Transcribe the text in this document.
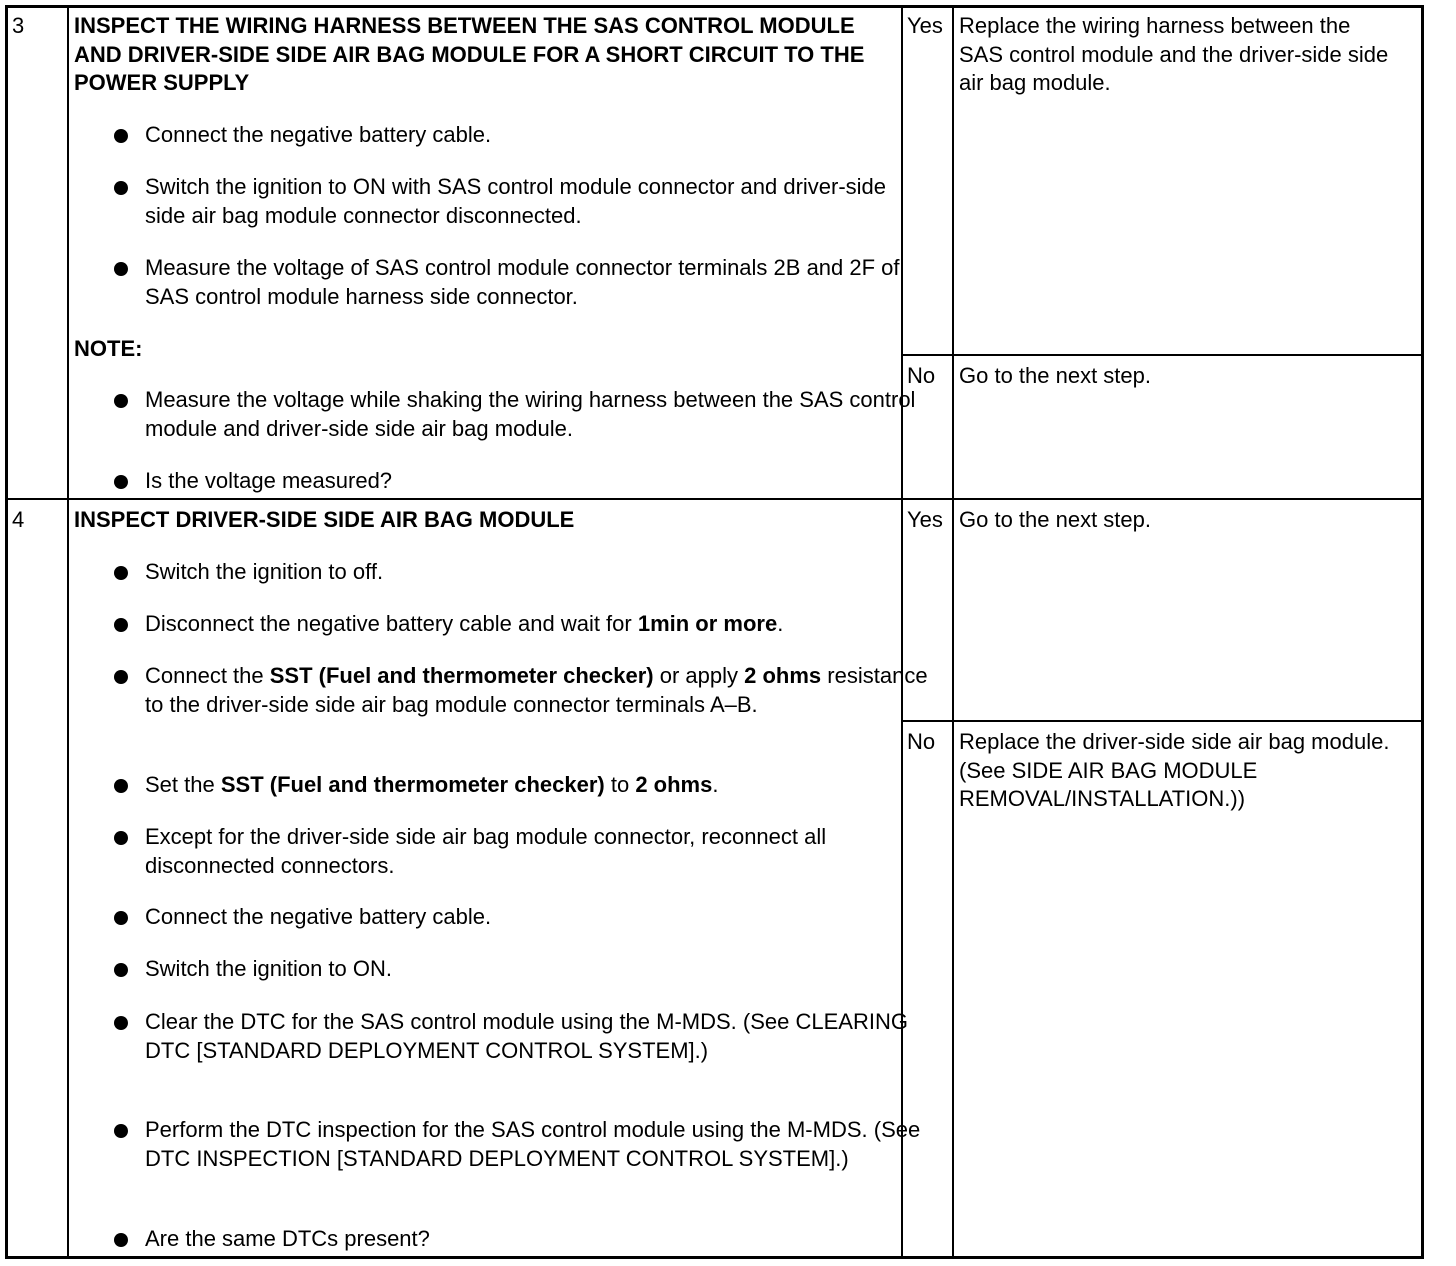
3 INSPECT THE WIRING HARNESS BETWEEN THE SAS CONTROL MODULE AND DRIVER-SIDE SIDE AIR BAG MODULE FOR A SHORT CIRCUIT TO THE POWER SUPPLY
Connect the negative battery cable.
Switch the ignition to ON with SAS control module connector and driver-side side air bag module connector disconnected.
Measure the voltage of SAS control module connector terminals 2B and 2F of SAS control module harness side connector.
NOTE:
Measure the voltage while shaking the wiring harness between the SAS control module and driver-side side air bag module.
Is the voltage measured?
Yes Replace the wiring harness between the SAS control module and the driver-side side air bag module.
No Go to the next step.
4 INSPECT DRIVER-SIDE SIDE AIR BAG MODULE
Switch the ignition to off.
Disconnect the negative battery cable and wait for 1min or more.
Connect the SST (Fuel and thermometer checker) or apply 2 ohms resistance to the driver-side side air bag module connector terminals A–B.
Set the SST (Fuel and thermometer checker) to 2 ohms.
Except for the driver-side side air bag module connector, reconnect all disconnected connectors.
Connect the negative battery cable.
Switch the ignition to ON.
Clear the DTC for the SAS control module using the M-MDS. (See CLEARING DTC [STANDARD DEPLOYMENT CONTROL SYSTEM].)
Perform the DTC inspection for the SAS control module using the M-MDS. (See DTC INSPECTION [STANDARD DEPLOYMENT CONTROL SYSTEM].)
Are the same DTCs present?
Yes Go to the next step.
No Replace the driver-side side air bag module. (See SIDE AIR BAG MODULE REMOVAL/INSTALLATION.))
